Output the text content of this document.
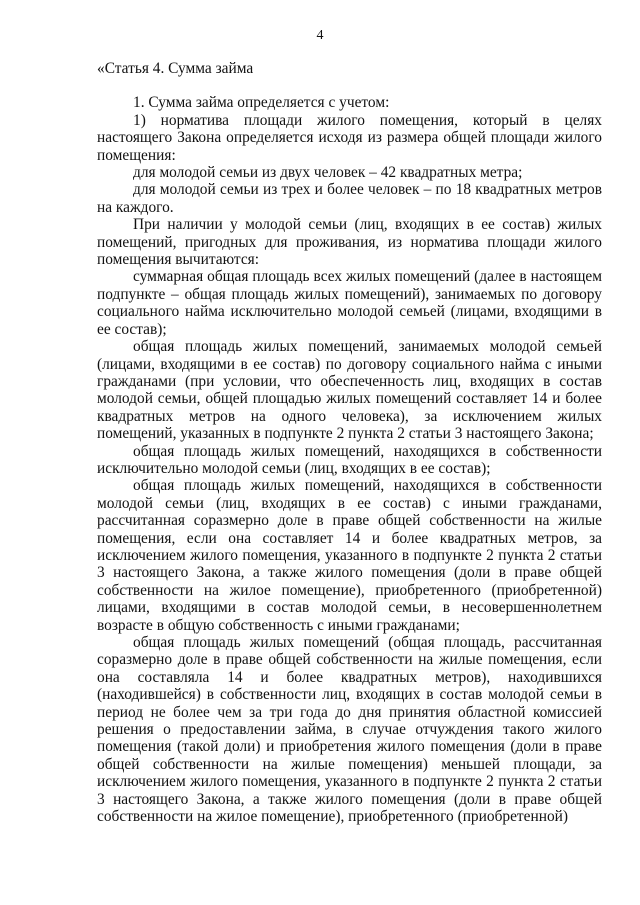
4

«Статья 4. Сумма займа

1. Сумма займа определяется с учетом:

1) норматива площади жилого помещения, который в целях настоящего Закона определяется исходя из размера общей площади жилого помещения:

для молодой семьи из двух человек – 42 квадратных метра;

для молодой семьи из трех и более человек – по 18 квадратных метров на каждого.

При наличии у молодой семьи (лиц, входящих в ее состав) жилых помещений, пригодных для проживания, из норматива площади жилого помещения вычитаются:

суммарная общая площадь всех жилых помещений (далее в настоящем подпункте – общая площадь жилых помещений), занимаемых по договору социального найма исключительно молодой семьей (лицами, входящими в ее состав);

общая площадь жилых помещений, занимаемых молодой семьей (лицами, входящими в ее состав) по договору социального найма с иными гражданами (при условии, что обеспеченность лиц, входящих в состав молодой семьи, общей площадью жилых помещений составляет 14 и более квадратных метров на одного человека), за исключением жилых помещений, указанных в подпункте 2 пункта 2 статьи 3 настоящего Закона;

общая площадь жилых помещений, находящихся в собственности исключительно молодой семьи (лиц, входящих в ее состав);

общая площадь жилых помещений, находящихся в собственности молодой семьи (лиц, входящих в ее состав) с иными гражданами, рассчитанная соразмерно доле в праве общей собственности на жилые помещения, если она составляет 14 и более квадратных метров, за исключением жилого помещения, указанного в подпункте 2 пункта 2 статьи 3 настоящего Закона, а также жилого помещения (доли в праве общей собственности на жилое помещение), приобретенного (приобретенной) лицами, входящими в состав молодой семьи, в несовершеннолетнем возрасте в общую собственность с иными гражданами;

общая площадь жилых помещений (общая площадь, рассчитанная соразмерно доле в праве общей собственности на жилые помещения, если она составляла 14 и более квадратных метров), находившихся (находившейся) в собственности лиц, входящих в состав молодой семьи в период не более чем за три года до дня принятия областной комиссией решения о предоставлении займа, в случае отчуждения такого жилого помещения (такой доли) и приобретения жилого помещения (доли в праве общей собственности на жилые помещения) меньшей площади, за исключением жилого помещения, указанного в подпункте 2 пункта 2 статьи 3 настоящего Закона, а также жилого помещения (доли в праве общей собственности на жилое помещение), приобретенного (приобретенной)
